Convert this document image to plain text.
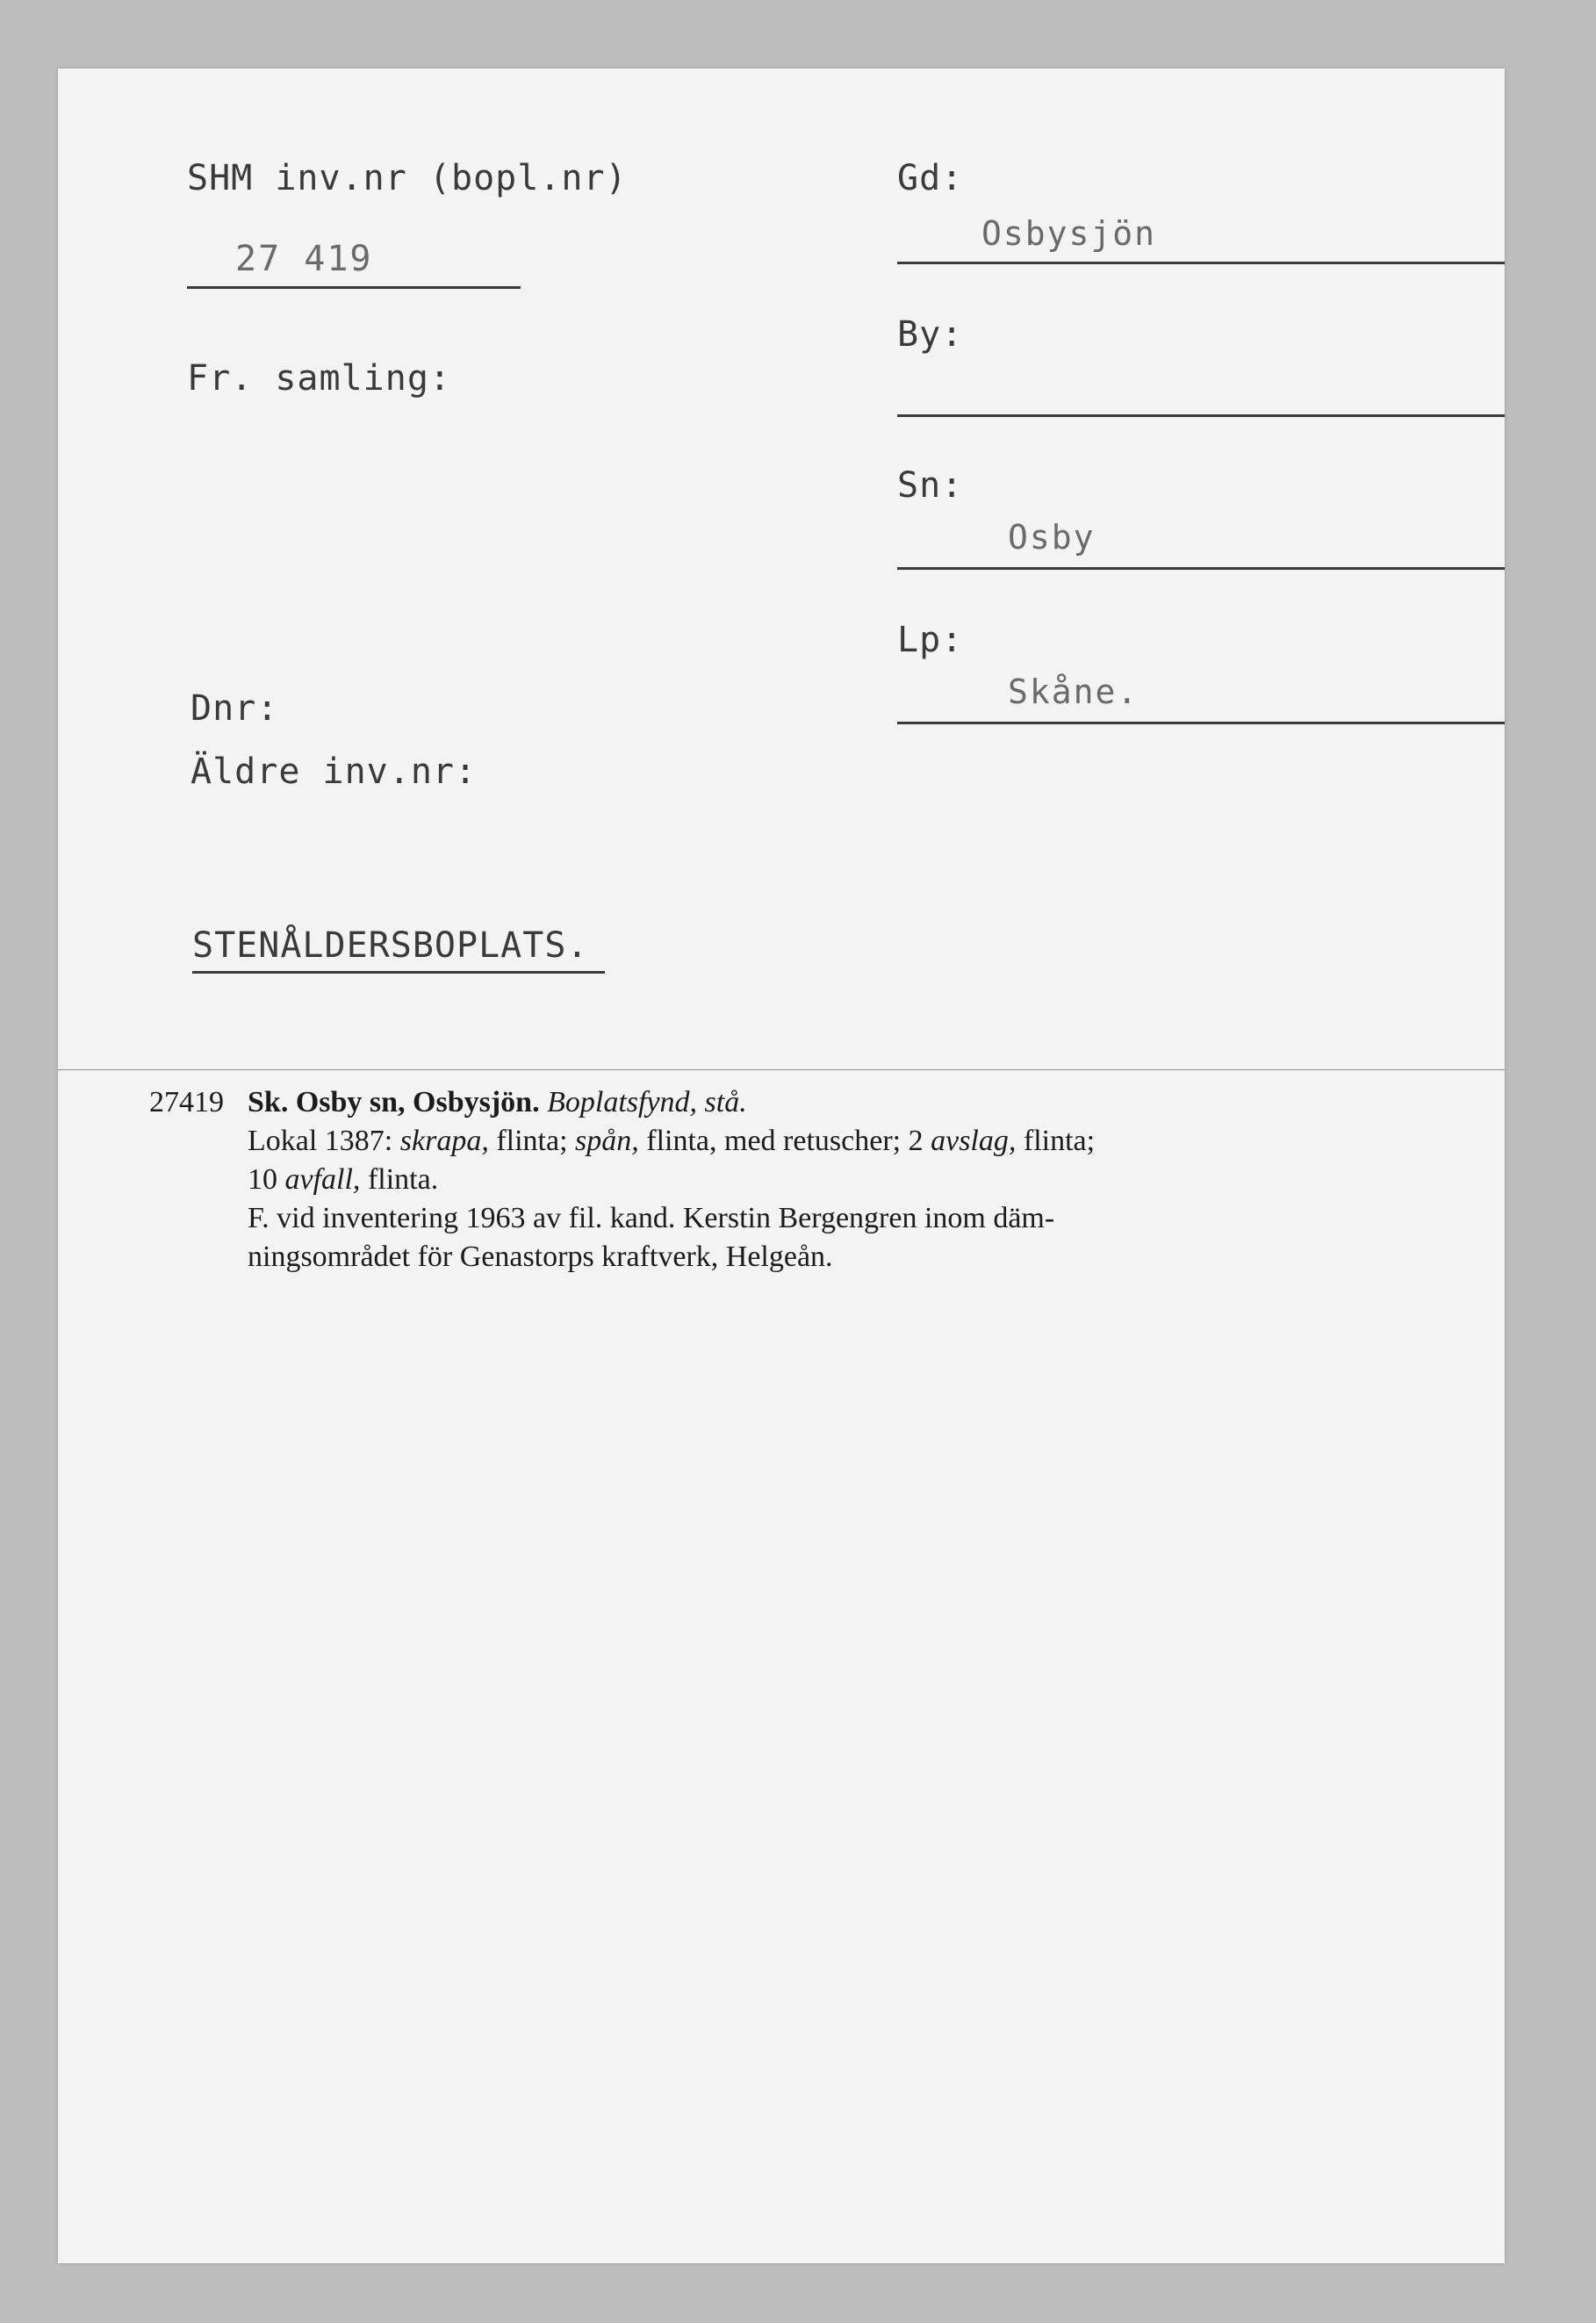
SHM inv.nr (bopl.nr)
27 419
Fr. samling:
Dnr:
Äldre inv.nr:
STENÅLDERSBOPLATS.
Gd:
Osbysjön
By:
Sn:
Osby
Lp:
Skåne.
27419 Sk. Osby sn, Osbysjön. Boplatsfynd, stå.
Lokal 1387: skrapa, flinta; spån, flinta, med retuscher; 2 avslag, flinta;
10 avfall, flinta.
F. vid inventering 1963 av fil. kand. Kerstin Bergengren inom däm-
ningsområdet för Genastorps kraftverk, Helgeån.
